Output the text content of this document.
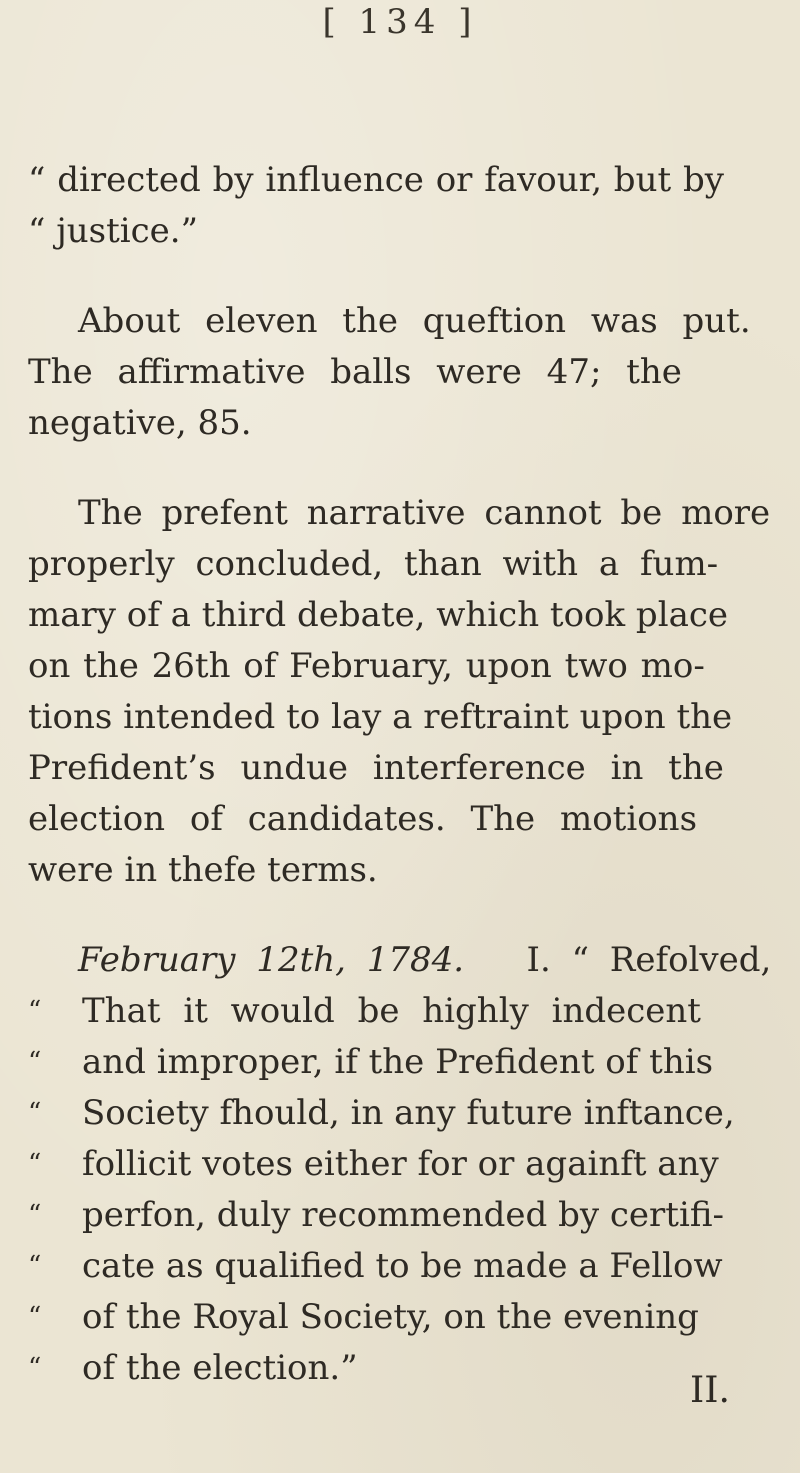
[ 134 ]
“ directed by influence or favour, but by
“ justice.”
About eleven the queftion was put.
The affirmative balls were 47; the
negative, 85.
The prefent narrative cannot be more
properly concluded, than with a fum-
mary of a third debate, which took place
on the 26th of February, upon two mo-
tions intended to lay a reftraint upon the
Prefident’s undue interference in the
election of candidates. The motions
were in thefe terms.
February 12th, 1784. I. “ Refolved,
“ That it would be highly indecent
“ and improper, if the Prefident of this
“ Society fhould, in any future inftance,
“ follicit votes either for or againft any
“ perfon, duly recommended by certifi-
“ cate as qualified to be made a Fellow
“ of the Royal Society, on the evening
“ of the election.”
II.
